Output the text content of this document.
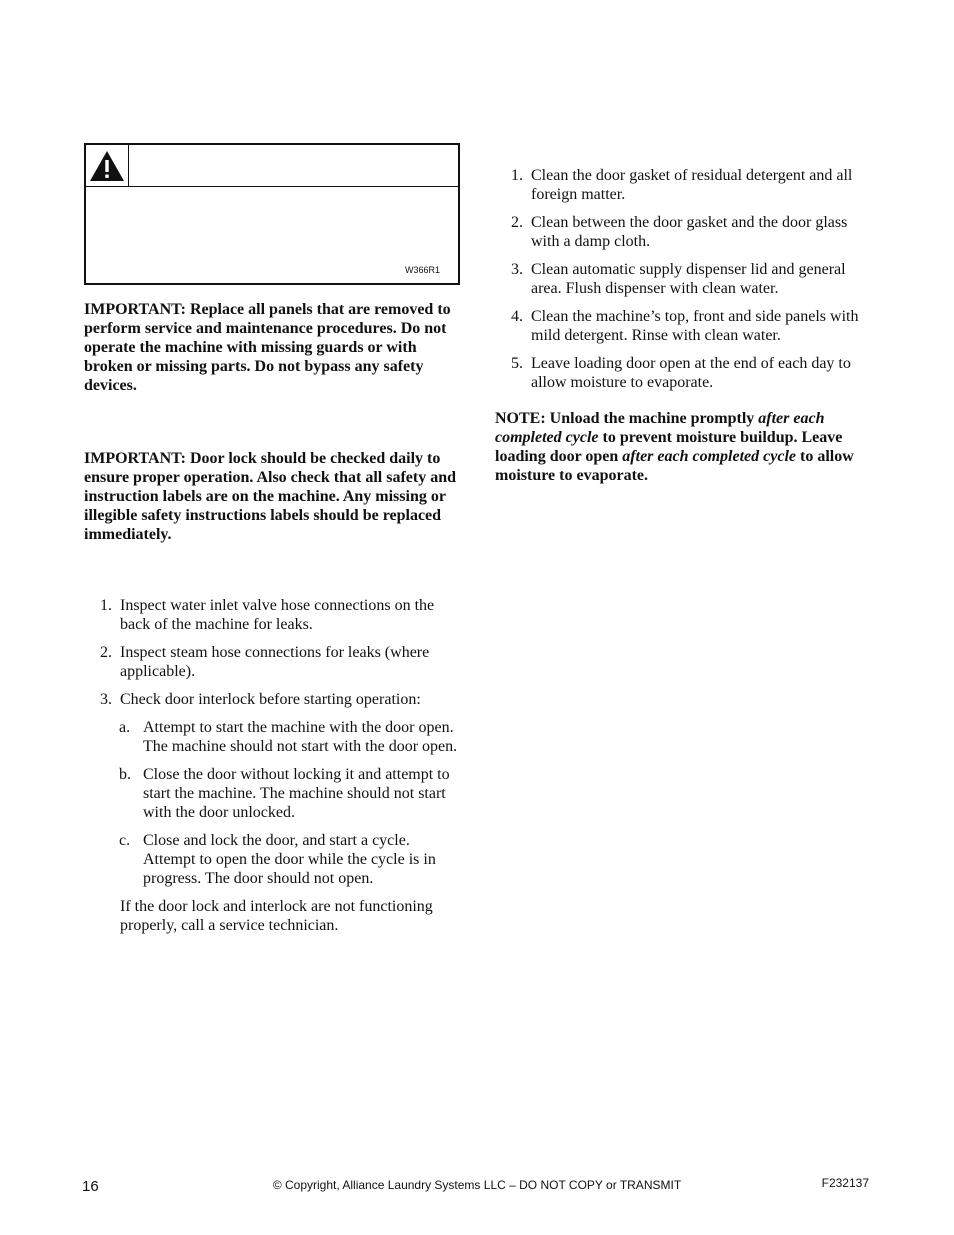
W366R1

IMPORTANT: Replace all panels that are removed to perform service and maintenance procedures. Do not operate the machine with missing guards or with broken or missing parts. Do not bypass any safety devices.

IMPORTANT: Door lock should be checked daily to ensure proper operation. Also check that all safety and instruction labels are on the machine. Any missing or illegible safety instructions labels should be replaced immediately.

1. Inspect water inlet valve hose connections on the back of the machine for leaks.
2. Inspect steam hose connections for leaks (where applicable).
3. Check door interlock before starting operation:
a. Attempt to start the machine with the door open. The machine should not start with the door open.
b. Close the door without locking it and attempt to start the machine. The machine should not start with the door unlocked.
c. Close and lock the door, and start a cycle. Attempt to open the door while the cycle is in progress. The door should not open.

If the door lock and interlock are not functioning properly, call a service technician.

1. Clean the door gasket of residual detergent and all foreign matter.
2. Clean between the door gasket and the door glass with a damp cloth.
3. Clean automatic supply dispenser lid and general area. Flush dispenser with clean water.
4. Clean the machine’s top, front and side panels with mild detergent. Rinse with clean water.
5. Leave loading door open at the end of each day to allow moisture to evaporate.

NOTE: Unload the machine promptly after each completed cycle to prevent moisture buildup. Leave loading door open after each completed cycle to allow moisture to evaporate.

16	© Copyright, Alliance Laundry Systems LLC – DO NOT COPY or TRANSMIT	F232137
